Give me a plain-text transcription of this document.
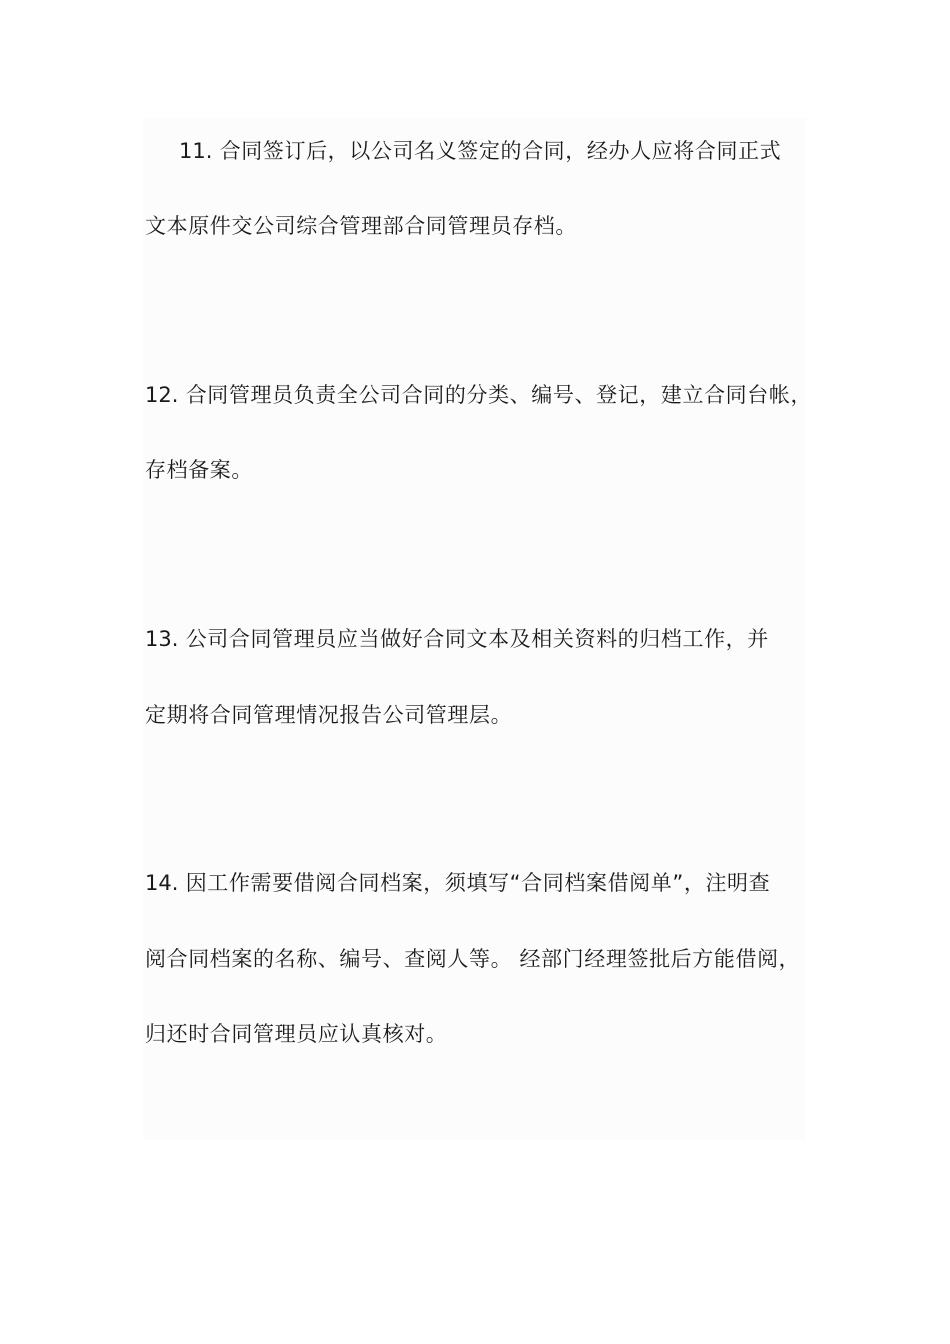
11. 合同签订后，以公司名义签定的合同，经办人应将合同正式
文本原件交公司综合管理部合同管理员存档。
12. 合同管理员负责全公司合同的分类、编号、登记，建立合同台帐，
存档备案。
13. 公司合同管理员应当做好合同文本及相关资料的归档工作，并
定期将合同管理情况报告公司管理层。
14. 因工作需要借阅合同档案，须填写“合同档案借阅单”，注明查
阅合同档案的名称、编号、查阅人等。 经部门经理签批后方能借阅，
归还时合同管理员应认真核对。
